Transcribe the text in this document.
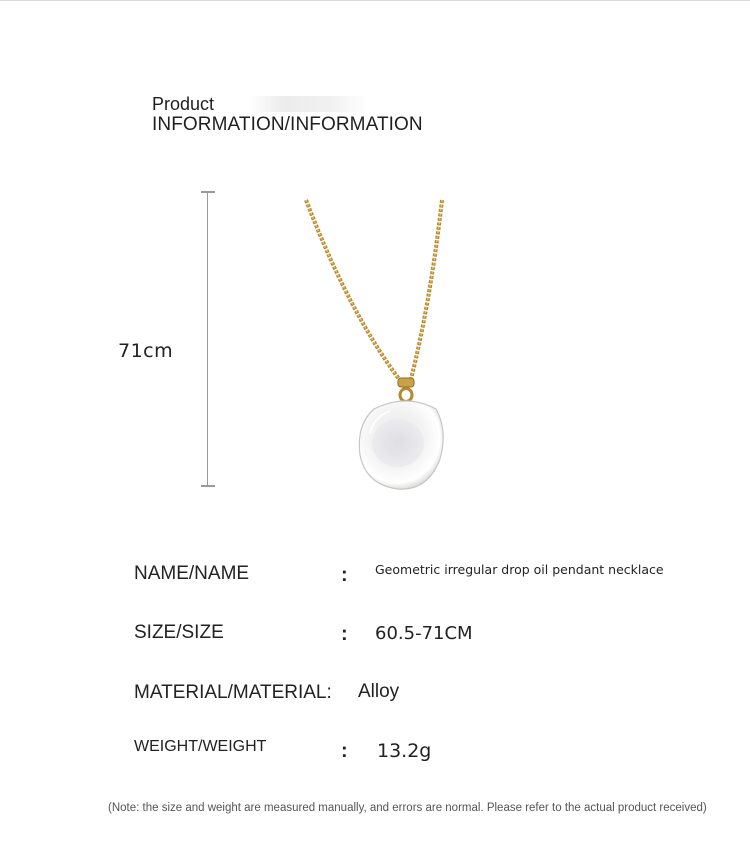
Product
INFORMATION/INFORMATION
71cm
NAME/NAME	: Geometric irregular drop oil pendant necklace
SIZE/SIZE	: 60.5-71CM
MATERIAL/MATERIAL: Alloy
WEIGHT/WEIGHT	: 13.2g
(Note: the size and weight are measured manually, and errors are normal. Please refer to the actual product received)
